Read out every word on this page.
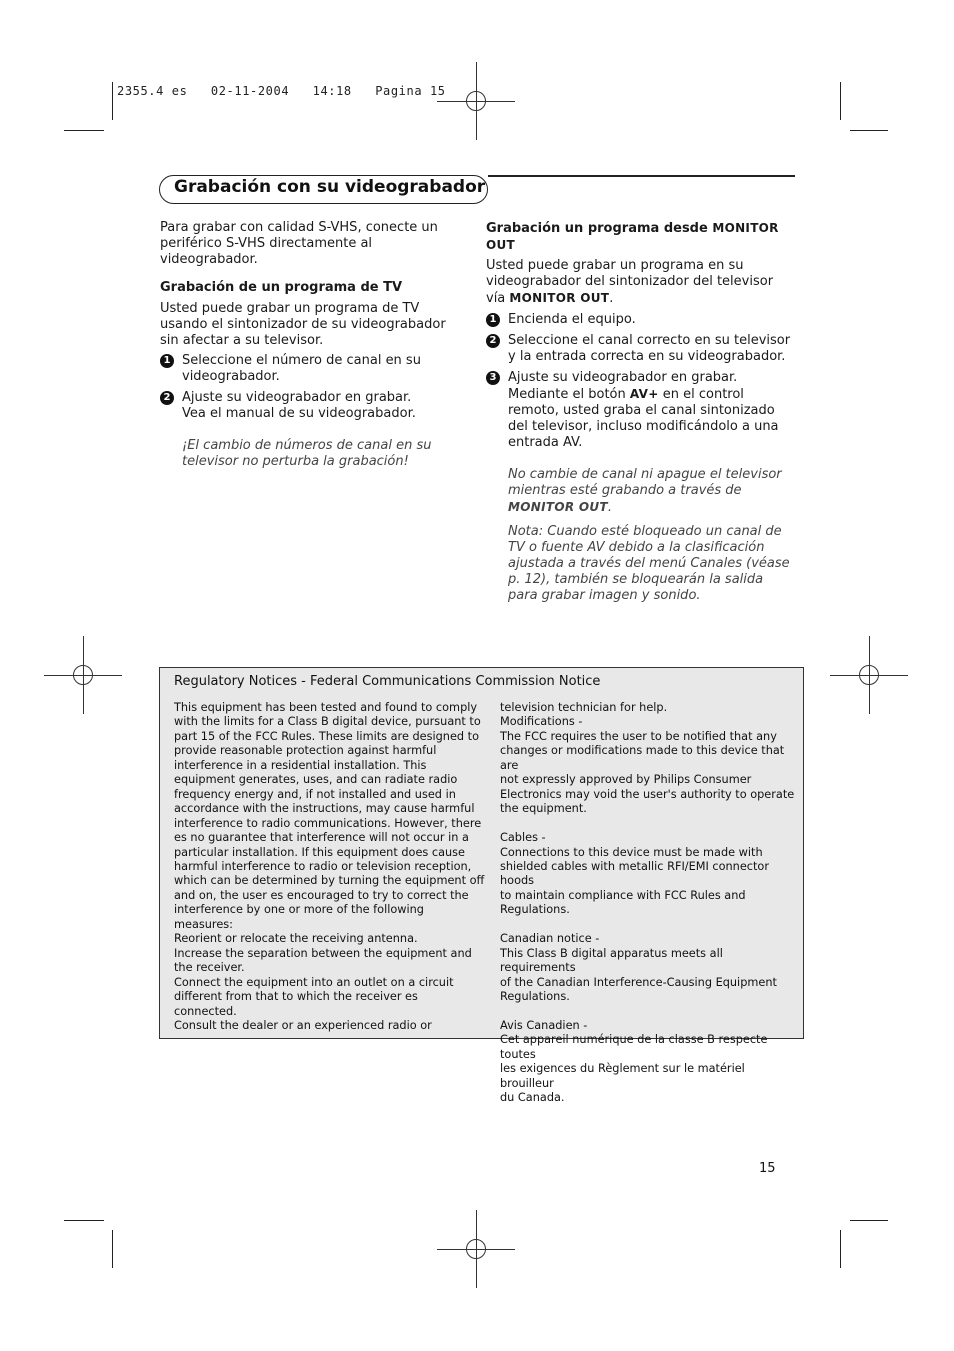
2355.4 es   02-11-2004   14:18   Pagina 15
Grabación con su videograbador

Para grabar con calidad S-VHS, conecte un periférico S-VHS directamente al videograbador.

Grabación de un programa de TV

Usted puede grabar un programa de TV usando el sintonizador de su videograbador sin afectar a su televisor.

1 Seleccione el número de canal en su videograbador.

2 Ajuste su videograbador en grabar.

Vea el manual de su videograbador.

¡El cambio de números de canal en su televisor no perturba la grabación!

Grabación un programa desde MONITOR OUT

Usted puede grabar un programa en su videograbador del sintonizador del televisor vía MONITOR OUT.

1 Encienda el equipo.

2 Seleccione el canal correcto en su televisor y la entrada correcta en su videograbador.

3 Ajuste su videograbador en grabar.

Mediante el botón AV+ en el control remoto, usted graba el canal sintonizado del televisor, incluso modificándolo a una entrada AV.

No cambie de canal ni apague el televisor mientras esté grabando a través de MONITOR OUT.

Nota: Cuando esté bloqueado un canal de TV o fuente AV debido a la clasificación ajustada a través del menú Canales (véase p. 12), también se bloquearán la salida para grabar imagen y sonido.

Regulatory Notices - Federal Communications Commission Notice
This equipment has been tested and found to comply
with the limits for a Class B digital device, pursuant to
part 15 of the FCC Rules. These limits are designed to
provide reasonable protection against harmful
interference in a residential installation. This
equipment generates, uses, and can radiate radio
frequency energy and, if not installed and used in
accordance with the instructions, may cause harmful
interference to radio communications. However, there
es no guarantee that interference will not occur in a
particular installation. If this equipment does cause
harmful interference to radio or television reception,
which can be determined by turning the equipment off
and on, the user es encouraged to try to correct the
interference by one or more of the following
measures:
Reorient or relocate the receiving antenna.
Increase the separation between the equipment and
the receiver.
Connect the equipment into an outlet on a circuit
different from that to which the receiver es
connected.
Consult the dealer or an experienced radio or
television technician for help.
Modifications -
The FCC requires the user to be notified that any
changes or modifications made to this device that are
not expressly approved by Philips Consumer
Electronics may void the user's authority to operate
the equipment.

Cables -
Connections to this device must be made with
shielded cables with metallic RFI/EMI connector hoods
to maintain compliance with FCC Rules and
Regulations.

Canadian notice -
This Class B digital apparatus meets all requirements
of the Canadian Interference-Causing Equipment
Regulations.

Avis Canadien -
Cet appareil numérique de la classe B respecte toutes
les exigences du Règlement sur le matériel brouilleur
du Canada.
15
